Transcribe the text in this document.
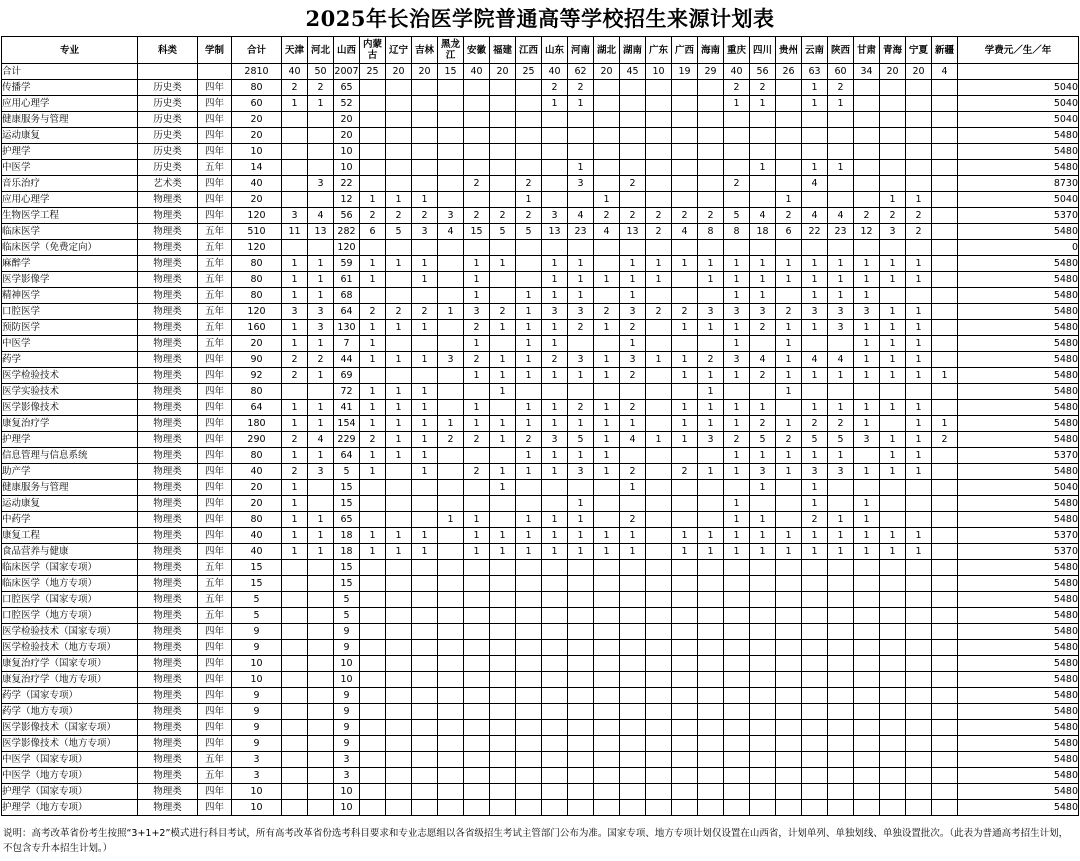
2025年长治医学院普通高等学校招生来源计划表
专业	科类	学制	合计	天津	河北	山西	内蒙古	辽宁	吉林	黑龙江	安徽	福建	江西	山东	河南	湖北	湖南	广东	广西	海南	重庆	四川	贵州	云南	陕西	甘肃	青海	宁夏	新疆	学费元／生／年
合计			2810	40	50	2007	25	20	20	15	40	20	25	40	62	20	45	10	19	29	40	56	26	63	60	34	20	20	4	
传播学	历史类	四年	80	2	2	65								2	2						2	2		1	2					5040
应用心理学	历史类	四年	60	1	1	52								1	1						1	1		1	1					5040
健康服务与管理	历史类	四年	20			20																								5040
运动康复	历史类	四年	20			20																								5480
护理学	历史类	四年	10			10																								5480
中医学	历史类	五年	14			10									1							1		1	1					5480
音乐治疗	艺术类	四年	40		3	22					2		2		3		2				2			4						8730
应用心理学	物理类	四年	20			12	1	1	1				1			1							1				1	1		5040
生物医学工程	物理类	四年	120	3	4	56	2	2	2	3	2	2	2	3	4	2	2	2	2	2	5	4	2	4	4	2	2	2		5370
临床医学	物理类	五年	510	11	13	282	6	5	3	4	15	5	5	13	23	4	13	2	4	8	8	18	6	22	23	12	3	2		5480
临床医学（免费定向）	物理类	五年	120			120																								0
麻醉学	物理类	五年	80	1	1	59	1	1	1		1	1		1	1		1	1	1	1	1	1	1	1	1	1	1	1		5480
医学影像学	物理类	五年	80	1	1	61	1		1		1			1	1	1	1	1		1	1	1	1	1	1	1	1	1		5480
精神医学	物理类	五年	80	1	1	68					1		1	1	1		1				1	1		1	1	1				5480
口腔医学	物理类	五年	120	3	3	64	2	2	2	1	3	2	1	3	3	2	3	2	2	3	3	3	2	3	3	3	1	1		5480
预防医学	物理类	五年	160	1	3	130	1	1	1		2	1	1	1	2	1	2		1	1	1	2	1	1	3	1	1	1		5480
中医学	物理类	五年	20	1	1	7	1				1		1	1			1				1		1			1	1	1		5480
药学	物理类	四年	90	2	2	44	1	1	1	3	2	1	1	2	3	1	3	1	1	2	3	4	1	4	4	1	1	1		5480
医学检验技术	物理类	四年	92	2	1	69					1	1	1	1	1	1	2		1	1	1	2	1	1	1	1	1	1	1	5480
医学实验技术	物理类	四年	80			72	1	1	1			1								1			1							5480
医学影像技术	物理类	四年	64	1	1	41	1	1	1		1		1	1	2	1	2		1	1	1	1		1	1	1	1	1		5480
康复治疗学	物理类	四年	180	1	1	154	1	1	1	1	1	1	1	1	1	1	1		1	1	1	2	1	2	2	1		1	1	5480
护理学	物理类	四年	290	2	4	229	2	1	1	2	2	1	2	3	5	1	4	1	1	3	2	5	2	5	5	3	1	1	2	5480
信息管理与信息系统	物理类	四年	80	1	1	64	1	1	1				1	1	1	1					1	1	1	1	1		1	1		5370
助产学	物理类	四年	40	2	3	5	1		1		2	1	1	1	3	1	2		2	1	1	3	1	3	3	1	1	1		5480
健康服务与管理	物理类	四年	20	1		15						1					1					1		1						5040
运动康复	物理类	四年	20	1		15									1						1			1		1				5480
中药学	物理类	四年	80	1	1	65				1	1		1	1	1		2				1	1		2	1	1				5480
康复工程	物理类	四年	40	1	1	18	1	1	1		1	1	1	1	1	1	1		1	1	1	1	1	1	1	1	1	1		5370
食品营养与健康	物理类	四年	40	1	1	18	1	1	1		1	1	1	1	1	1	1		1	1	1	1	1	1	1	1	1	1		5370
临床医学（国家专项）	物理类	五年	15			15																								5480
临床医学（地方专项）	物理类	五年	15			15																								5480
口腔医学（国家专项）	物理类	五年	5			5																								5480
口腔医学（地方专项）	物理类	五年	5			5																								5480
医学检验技术（国家专项）	物理类	四年	9			9																								5480
医学检验技术（地方专项）	物理类	四年	9			9																								5480
康复治疗学（国家专项）	物理类	四年	10			10																								5480
康复治疗学（地方专项）	物理类	四年	10			10																								5480
药学（国家专项）	物理类	四年	9			9																								5480
药学（地方专项）	物理类	四年	9			9																								5480
医学影像技术（国家专项）	物理类	四年	9			9																								5480
医学影像技术（地方专项）	物理类	四年	9			9																								5480
中医学（国家专项）	物理类	五年	3			3																								5480
中医学（地方专项）	物理类	五年	3			3																								5480
护理学（国家专项）	物理类	四年	10			10																								5480
护理学（地方专项）	物理类	四年	10			10																								5480
说明：高考改革省份考生按照“3+1+2”模式进行科目考试，所有高考改革省份选考科目要求和专业志愿组以各省级招生考试主管部门公布为准。国家专项、地方专项计划仅设置在山西省，计划单列、单独划线、单独设置批次。（此表为普通高考招生计划，不包含专升本招生计划。）
